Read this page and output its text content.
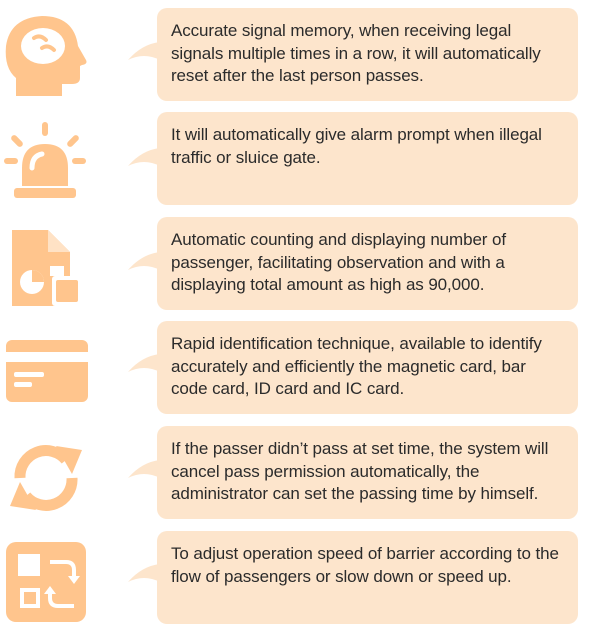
Accurate signal memory, when receiving legal signals multiple times in a row, it will automatically reset after the last person passes.
It will automatically give alarm prompt when illegal traffic or sluice gate.
Automatic counting and displaying number of passenger, facilitating observation and with a displaying total amount as high as 90,000.
Rapid identification technique, available to identify accurately and efficiently the magnetic card, bar code card, ID card and IC card.
If the passer didn’t pass at set time, the system will cancel pass permission automatically, the administrator can set the passing time by himself.
To adjust operation speed of barrier according to the flow of passengers or slow down or speed up.
